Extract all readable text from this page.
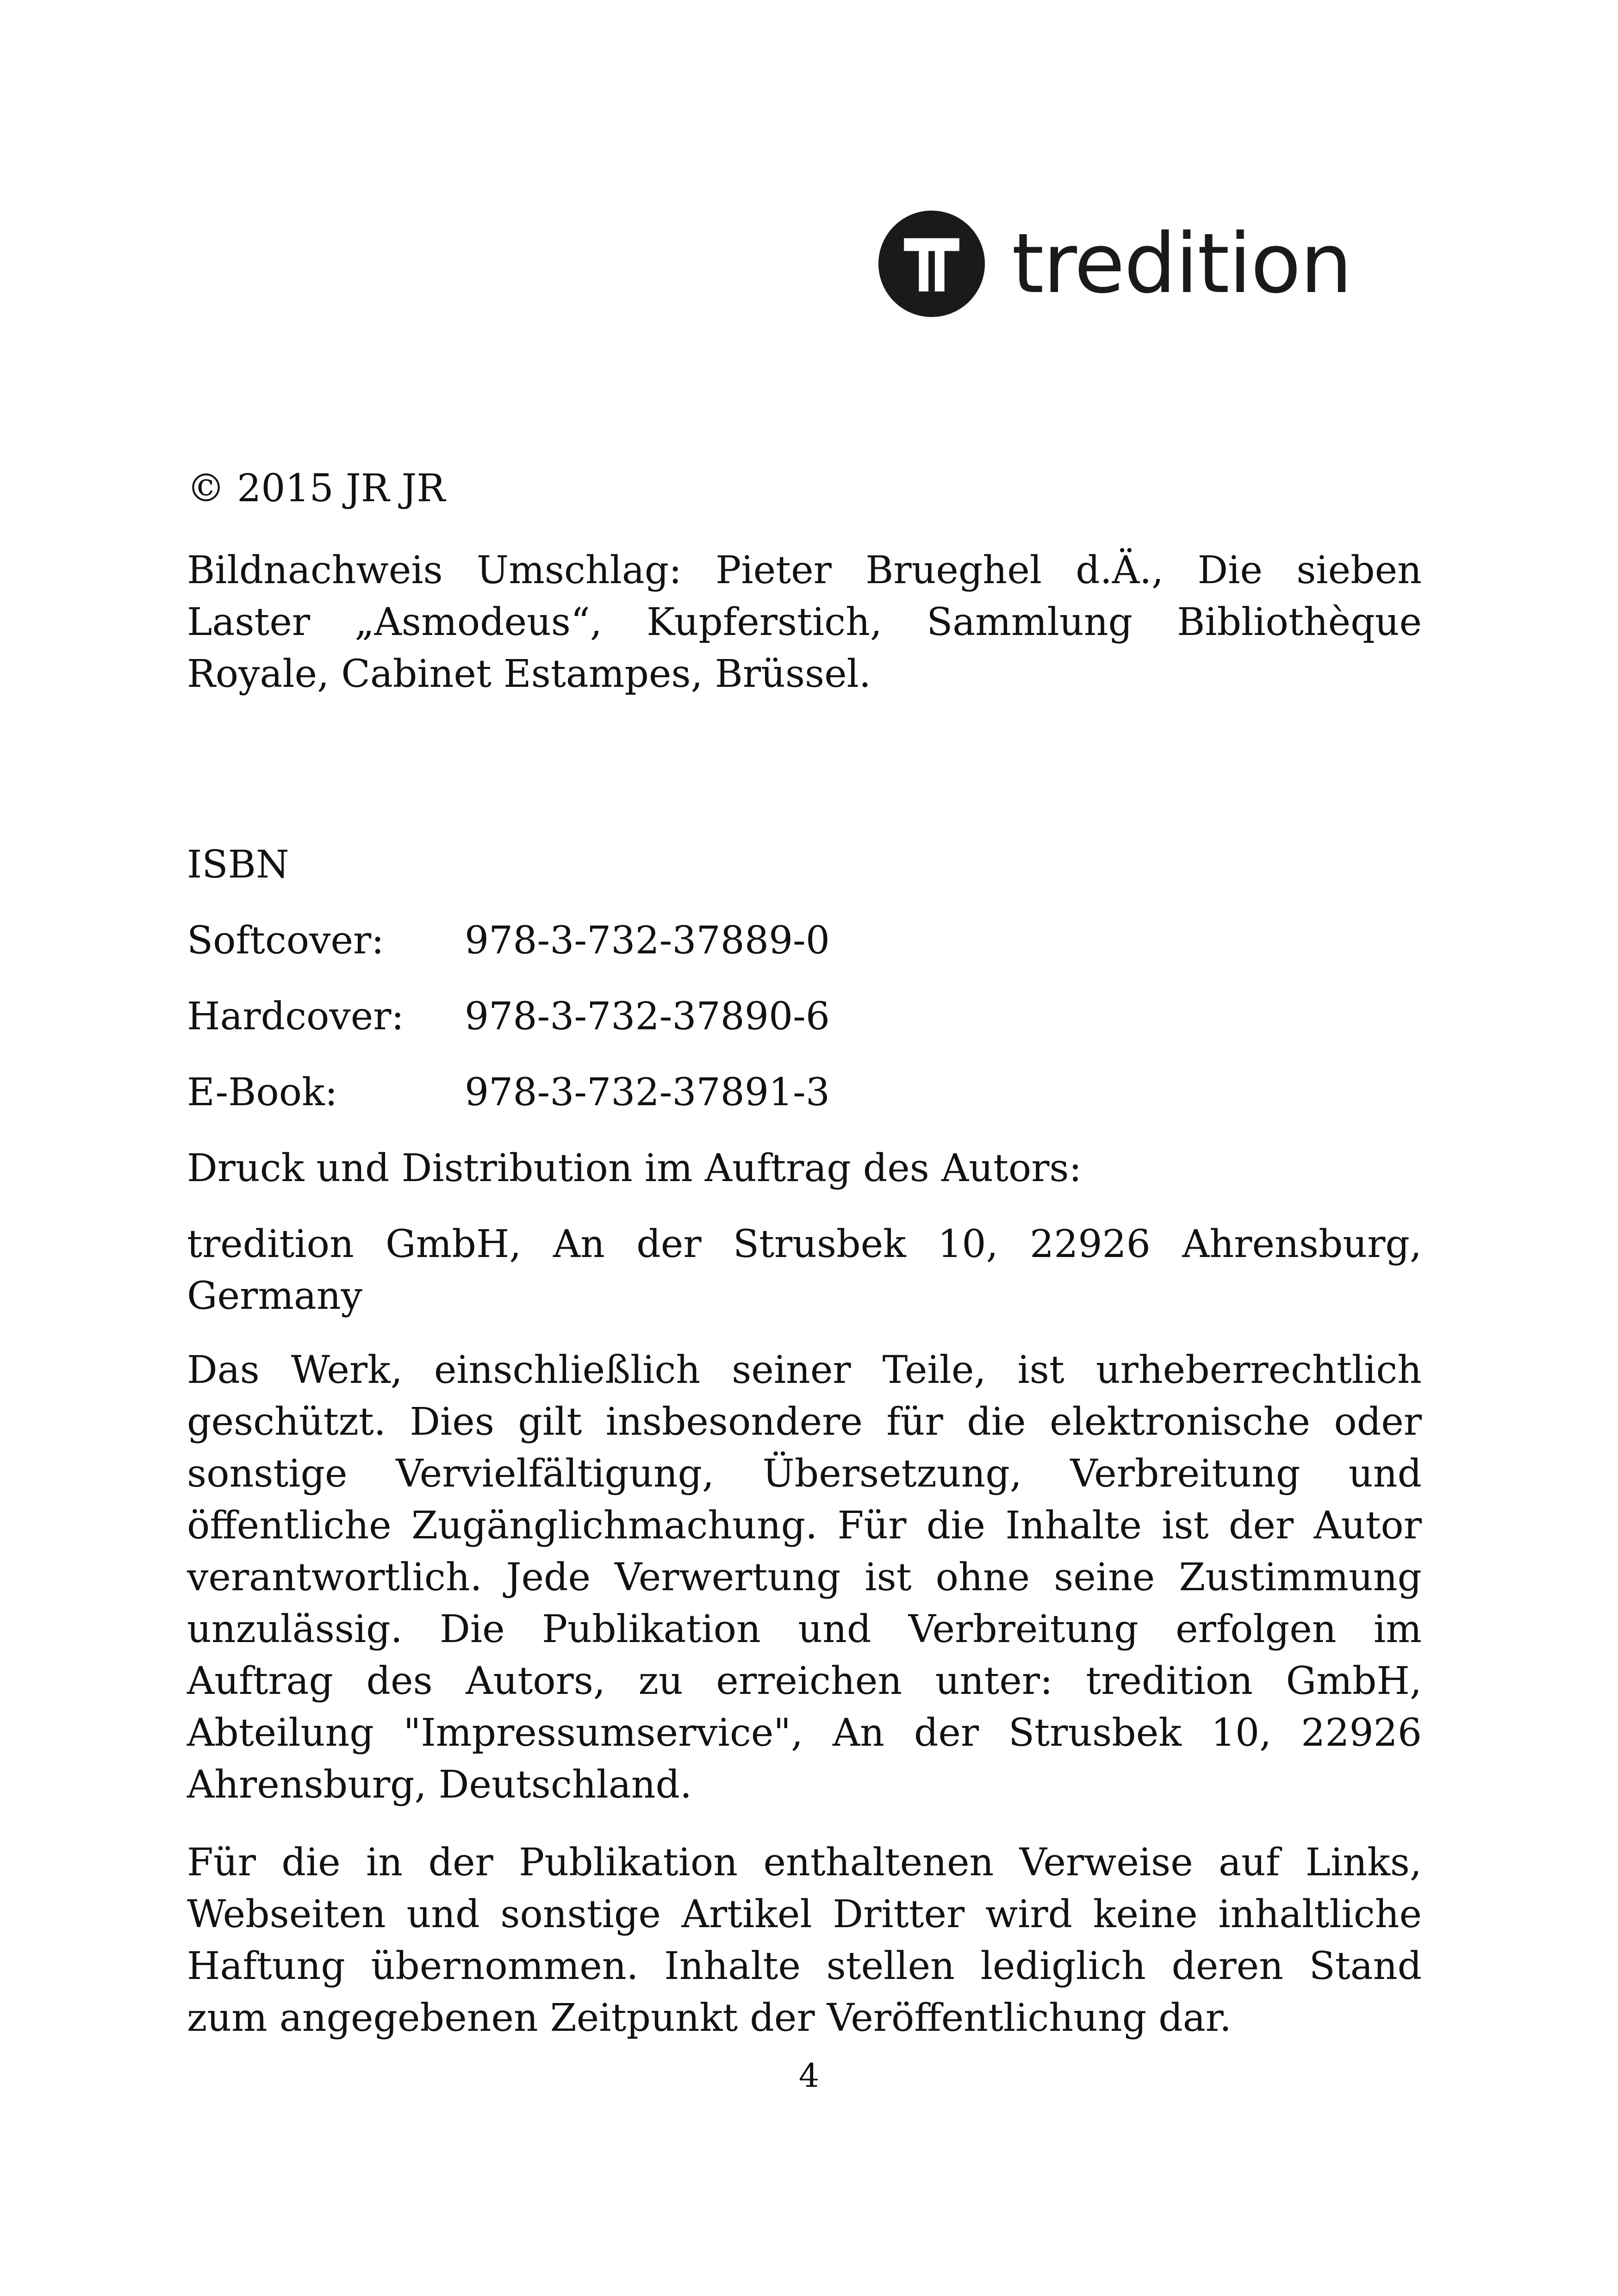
tredition

© 2015 JR JR

Bildnachweis Umschlag: Pieter Brueghel d.Ä., Die sieben Laster „Asmodeus“, Kupferstich, Sammlung Bibliothèque Royale, Cabinet Estampes, Brüssel.

ISBN

Softcover:	978-3-732-37889-0
Hardcover:	978-3-732-37890-6
E-Book:	978-3-732-37891-3

Druck und Distribution im Auftrag des Autors:

tredition GmbH, An der Strusbek 10, 22926 Ahrensburg, Germany

Das Werk, einschließlich seiner Teile, ist urheberrechtlich geschützt. Dies gilt insbesondere für die elektronische oder sonstige Vervielfältigung, Übersetzung, Verbreitung und öffentliche Zugänglichmachung. Für die Inhalte ist der Autor verantwortlich. Jede Verwertung ist ohne seine Zustimmung unzulässig. Die Publikation und Verbreitung erfolgen im Auftrag des Autors, zu erreichen unter: tredition GmbH, Abteilung "Impressumservice", An der Strusbek 10, 22926 Ahrensburg, Deutschland.

Für die in der Publikation enthaltenen Verweise auf Links, Webseiten und sonstige Artikel Dritter wird keine inhaltliche Haftung übernommen. Inhalte stellen lediglich deren Stand zum angegebenen Zeitpunkt der Veröffentlichung dar.

4
